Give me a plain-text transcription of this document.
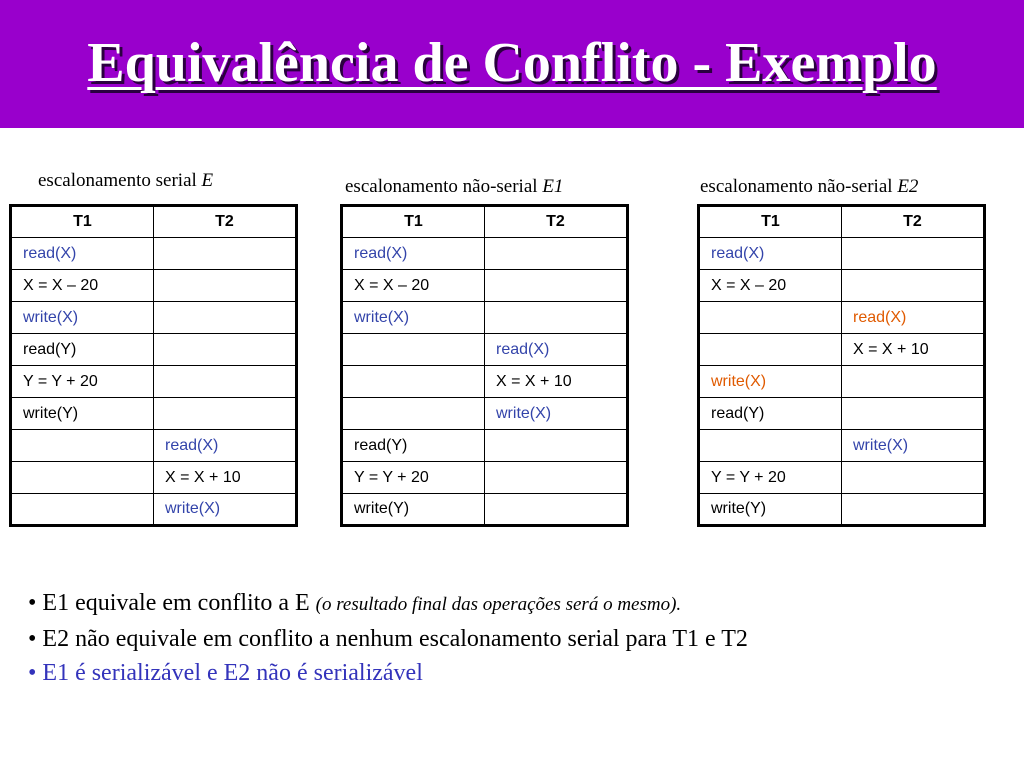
Equivalência de Conflito - Exemplo
escalonamento serial E	escalonamento não-serial E1	escalonamento não-serial E2
T1	T2
read(X)	
X = X – 20	
write(X)	
read(Y)	
Y = Y + 20	
write(Y)	
	read(X)
	X = X + 10
	write(X)
T1	T2
read(X)	
X = X – 20	
write(X)	
	read(X)
	X = X + 10
	write(X)
read(Y)	
Y = Y + 20	
write(Y)	
T1	T2
read(X)	
X = X – 20	
	read(X)
	X = X + 10
write(X)	
read(Y)	
	write(X)
Y = Y + 20	
write(Y)	
• E1 equivale em conflito a E (o resultado final das operações será o mesmo).
• E2 não equivale em conflito a nenhum escalonamento serial para T1 e T2
• E1 é serializável e E2 não é serializável
